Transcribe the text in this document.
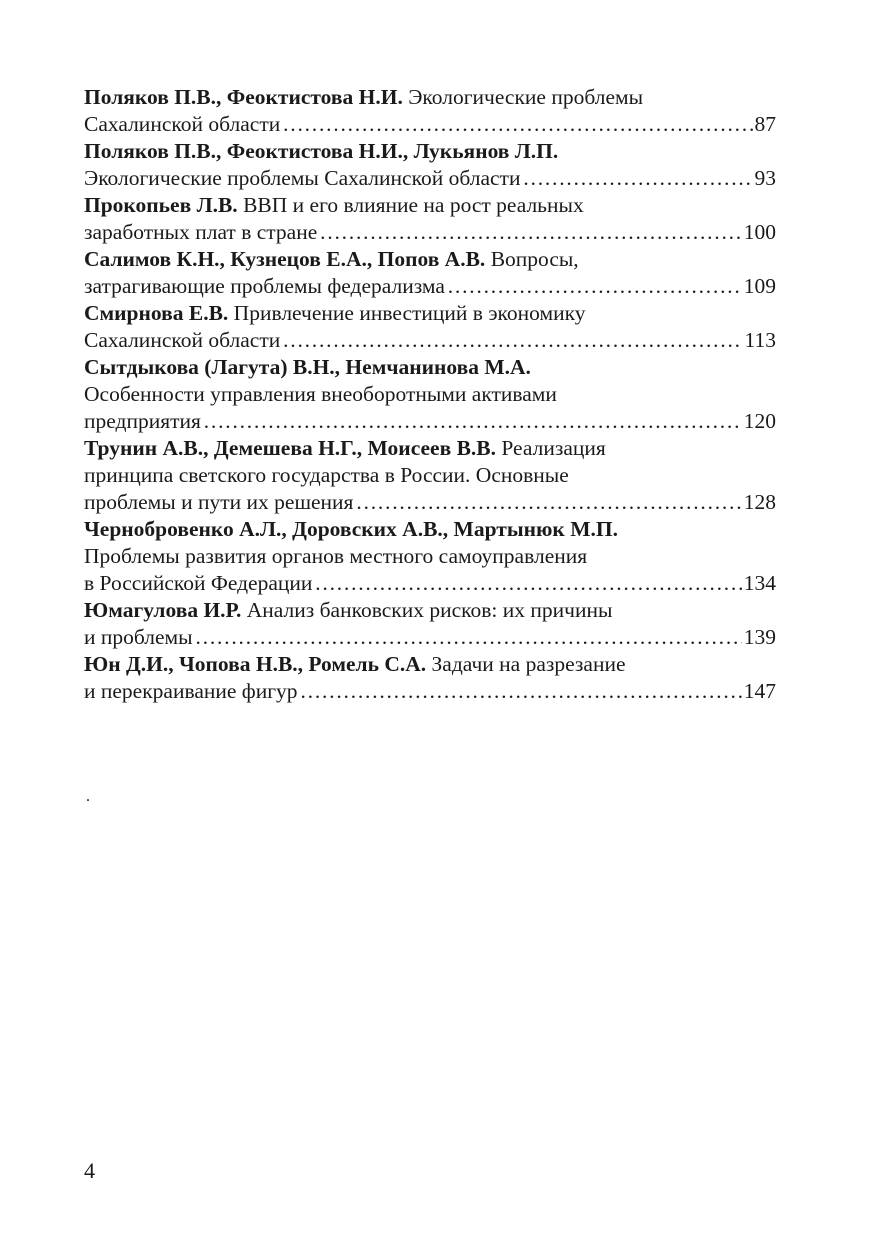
Поляков П.В., Феоктистова Н.И.
Экологические проблемы
Сахалинской области ……………………………………………………………………………………………………………………………………………………………	87
Поляков П.В., Феоктистова Н.И., Лукьянов Л.П.
Экологические проблемы Сахалинской области ……………………………………………………………………………………………………………………………………………………………	93
Прокопьев Л.В.
ВВП и его влияние на рост реальных
заработных плат в стране ……………………………………………………………………………………………………………………………………………………………	100
Салимов К.Н., Кузнецов Е.А., Попов А.В.
Вопросы,
затрагивающие проблемы федерализма ……………………………………………………………………………………………………………………………………………………………	109
Смирнова Е.В.
Привлечение инвестиций в экономику
Сахалинской области ……………………………………………………………………………………………………………………………………………………………	113
Сытдыкова (Лагута) В.Н., Немчанинова М.А.

Особенности управления внеоборотными активами
предприятия ……………………………………………………………………………………………………………………………………………………………	120
Трунин А.В., Демешева Н.Г., Моисеев В.В.
Реализация
принципа светского государства в России. Основные
проблемы и пути их решения ……………………………………………………………………………………………………………………………………………………………	128
Чернобровенко А.Л., Доровских А.В., Мартынюк М.П.

Проблемы развития органов местного самоуправления
в Российской Федерации ……………………………………………………………………………………………………………………………………………………………	134
Юмагулова И.Р.
Анализ банковских рисков: их причины
и проблемы ……………………………………………………………………………………………………………………………………………………………	139
Юн Д.И., Чопова Н.В., Ромель С.А.
Задачи на разрезание
и перекраивание фигур ……………………………………………………………………………………………………………………………………………………………	147
.
4
